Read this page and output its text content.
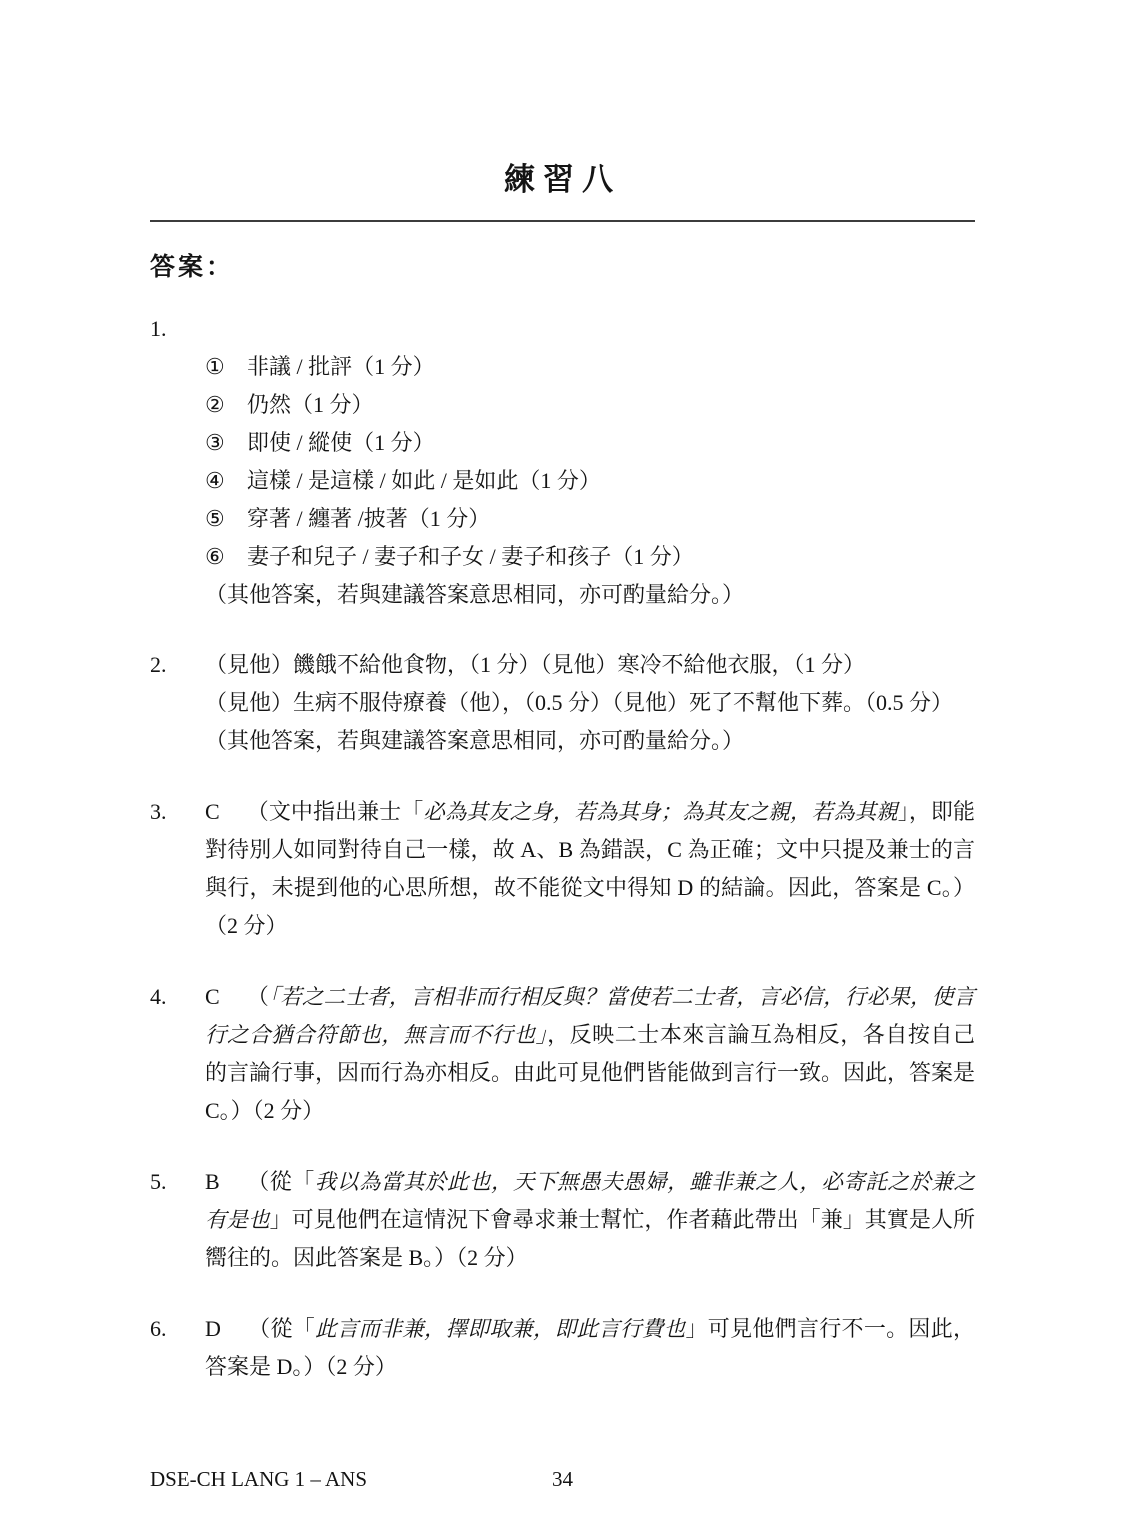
練習八
答案：
1.
①	非議 / 批評（1 分）
②	仍然（1 分）
③	即使 / 縱使（1 分）
④	這樣 / 是這樣 / 如此 / 是如此（1 分）
⑤	穿著 / 纏著 /披著（1 分）
⑥	妻子和兒子 / 妻子和子女 / 妻子和孩子（1 分）
（其他答案，若與建議答案意思相同，亦可酌量給分。）
2.	（見他）饑餓不給他食物，（1 分）（見他）寒冷不給他衣服，（1 分）
（見他）生病不服侍療養（他），（0.5 分）（見他）死了不幫他下葬。（0.5 分）
（其他答案，若與建議答案意思相同，亦可酌量給分。）
3.	C （文中指出兼士「必為其友之身，若為其身；為其友之親，若為其親」，即能對待別人如同對待自己一樣，故 A、B 為錯誤，C 為正確；文中只提及兼士的言與行，未提到他的心思所想，故不能從文中得知 D 的結論。因此，答案是 C。）（2 分）

4.	C （「若之二士者，言相非而行相反與？當使若二士者，言必信，行必果，使言行之合猶合符節也，無言而不行也」，反映二士本來言論互為相反，各自按自己的言論行事，因而行為亦相反。由此可見他們皆能做到言行一致。因此，答案是 C。）（2 分）

5.	B （從「我以為當其於此也，天下無愚夫愚婦，雖非兼之人，必寄託之於兼之有是也」可見他們在這情況下會尋求兼士幫忙，作者藉此帶出「兼」其實是人所嚮往的。因此答案是 B。）（2 分）

6.	D （從「此言而非兼，擇即取兼，即此言行費也」可見他們言行不一。因此，答案是 D。）（2 分）

DSE-CH LANG 1 – ANS	34
